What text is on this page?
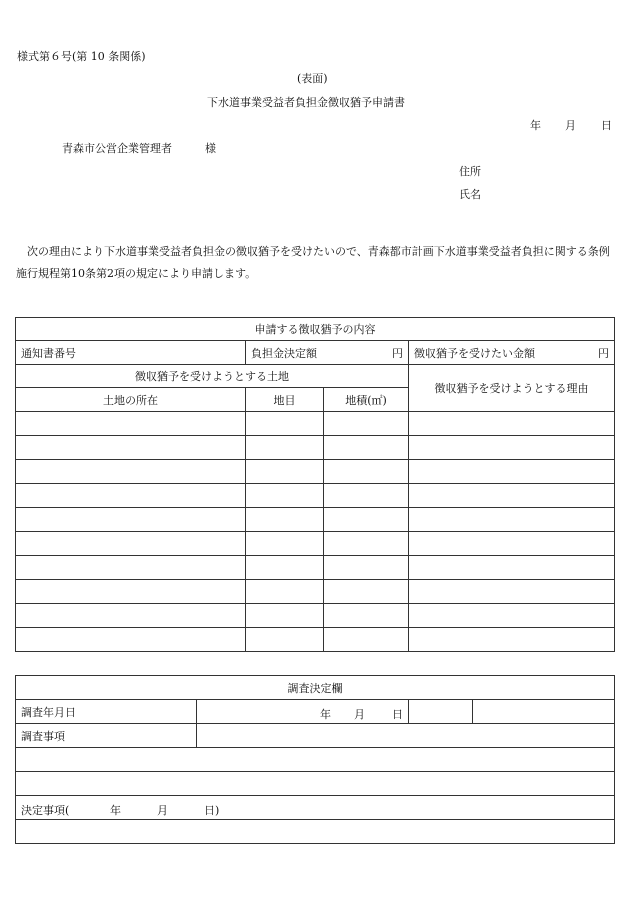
様式第６号(第 10 条関係)
(表面)
下水道事業受益者負担金徴収猶予申請書
年 月 日
青森市公営企業管理者	様
住所
氏名
次の理由により下水道事業受益者負担金の徴収猶予を受けたいので、青森都市計画下水道事業受益者負担に関する条例施行規程第10条第2項の規定により申請します。
申請する徴収猶予の内容			
通知書番号	負担金決定額 円		徴収猶予を受けたい金額 円

徴収猶予を受けようとする土地			徴収猶予を受けようとする理由
土地の所在	地目	地積(㎡)	

調査決定欄			
調査年月日	年 月 日		

調査事項			

決定事項( 年 月 日)			
